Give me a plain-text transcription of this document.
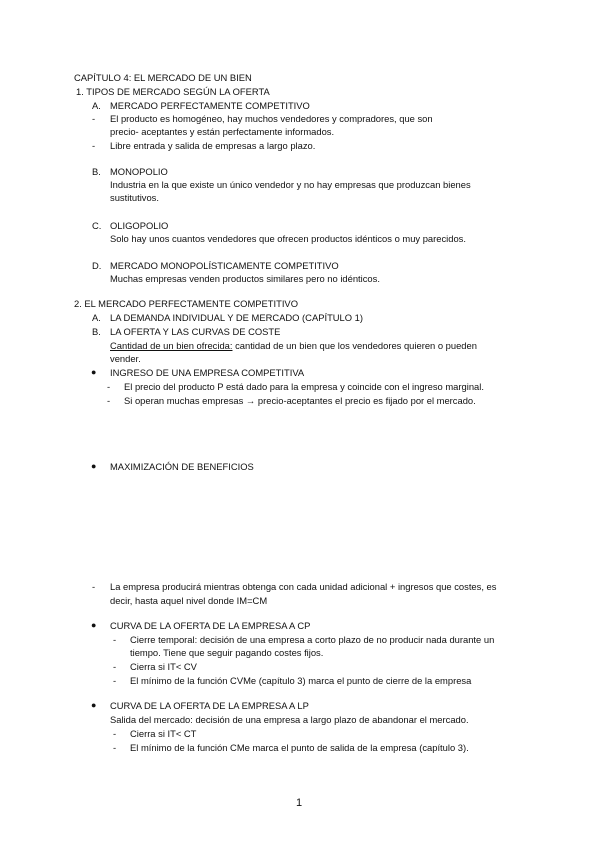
CAPÍTULO 4: EL MERCADO DE UN BIEN
1. TIPOS DE MERCADO SEGÚN LA OFERTA
A. MERCADO PERFECTAMENTE COMPETITIVO
- El producto es homogéneo, hay muchos vendedores y compradores, que son
precio- aceptantes y están perfectamente informados.
- Libre entrada y salida de empresas a largo plazo.
B. MONOPOLIO
Industria en la que existe un único vendedor y no hay empresas que produzcan bienes
sustitutivos.
C. OLIGOPOLIO
Solo hay unos cuantos vendedores que ofrecen productos idénticos o muy parecidos.
D. MERCADO MONOPOLÍSTICAMENTE COMPETITIVO
Muchas empresas venden productos similares pero no idénticos.
2. EL MERCADO PERFECTAMENTE COMPETITIVO
A. LA DEMANDA INDIVIDUAL Y DE MERCADO (CAPÍTULO 1)
B. LA OFERTA Y LAS CURVAS DE COSTE
Cantidad de un bien ofrecida: cantidad de un bien que los vendedores quieren o pueden
vender.
● INGRESO DE UNA EMPRESA COMPETITIVA
- El precio del producto P está dado para la empresa y coincide con el ingreso marginal.
- Si operan muchas empresas → precio-aceptantes el precio es fijado por el mercado.
● MAXIMIZACIÓN DE BENEFICIOS
- La empresa producirá mientras obtenga con cada unidad adicional + ingresos que costes, es
decir, hasta aquel nivel donde IM=CM
● CURVA DE LA OFERTA DE LA EMPRESA A CP
- Cierre temporal: decisión de una empresa a corto plazo de no producir nada durante un
tiempo. Tiene que seguir pagando costes fijos.
- Cierra si IT< CV
- El mínimo de la función CVMe (capítulo 3) marca el punto de cierre de la empresa
● CURVA DE LA OFERTA DE LA EMPRESA A LP
Salida del mercado: decisión de una empresa a largo plazo de abandonar el mercado.
- Cierra si IT< CT
- El mínimo de la función CMe marca el punto de salida de la empresa (capítulo 3).
1
